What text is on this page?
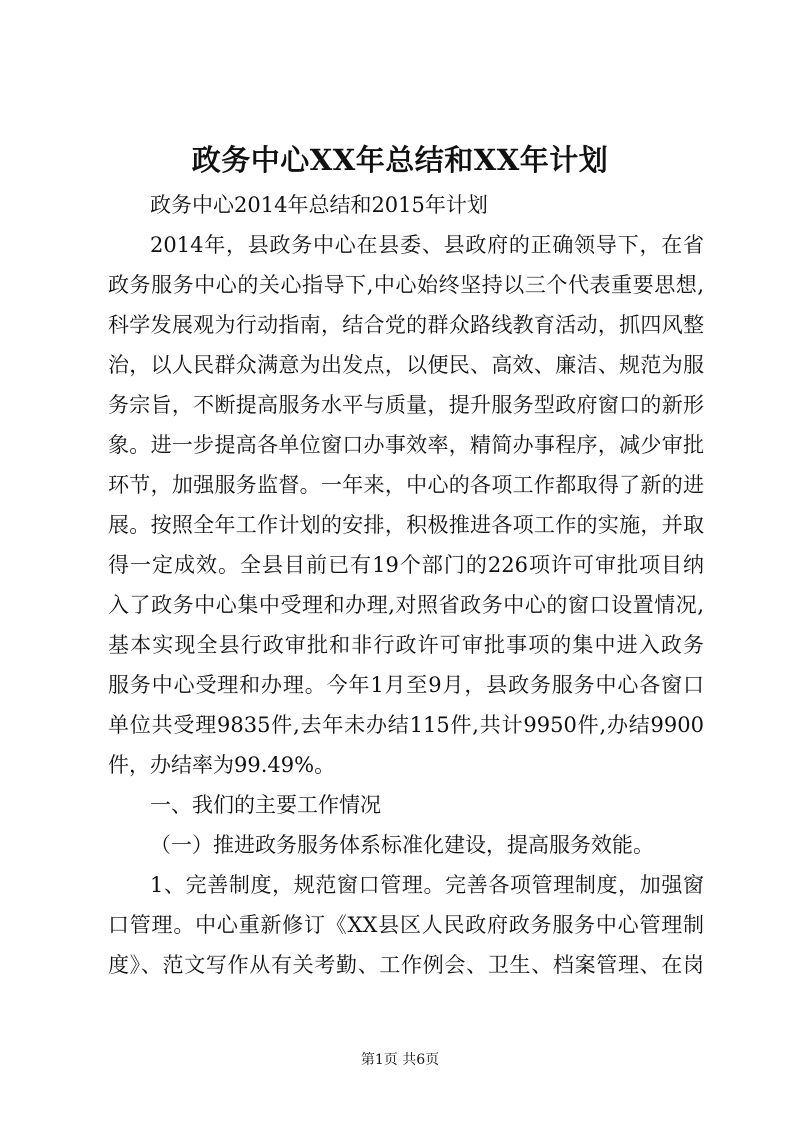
政务中心XX年总结和XX年计划
政务中心2014年总结和2015年计划
2014年，县政务中心在县委、县政府的正确领导下，在省
政务服务中心的关心指导下,中心始终坚持以三个代表重要思想,
科学发展观为行动指南，结合党的群众路线教育活动，抓四风整
治，以人民群众满意为出发点，以便民、高效、廉洁、规范为服
务宗旨，不断提高服务水平与质量，提升服务型政府窗口的新形
象。进一步提高各单位窗口办事效率，精简办事程序，减少审批
环节，加强服务监督。一年来，中心的各项工作都取得了新的进
展。按照全年工作计划的安排，积极推进各项工作的实施，并取
得一定成效。全县目前已有19个部门的226项许可审批项目纳
入了政务中心集中受理和办理,对照省政务中心的窗口设置情况,
基本实现全县行政审批和非行政许可审批事项的集中进入政务
服务中心受理和办理。今年1月至9月，县政务服务中心各窗口
单位共受理9835件,去年未办结115件,共计9950件,办结9900
件，办结率为99.49%。
一、我们的主要工作情况
（一）推进政务服务体系标准化建设，提高服务效能。
1、完善制度，规范窗口管理。完善各项管理制度，加强窗
口管理。中心重新修订《XX县区人民政府政务服务中心管理制
度》、范文写作从有关考勤、工作例会、卫生、档案管理、在岗
第1页 共6页
